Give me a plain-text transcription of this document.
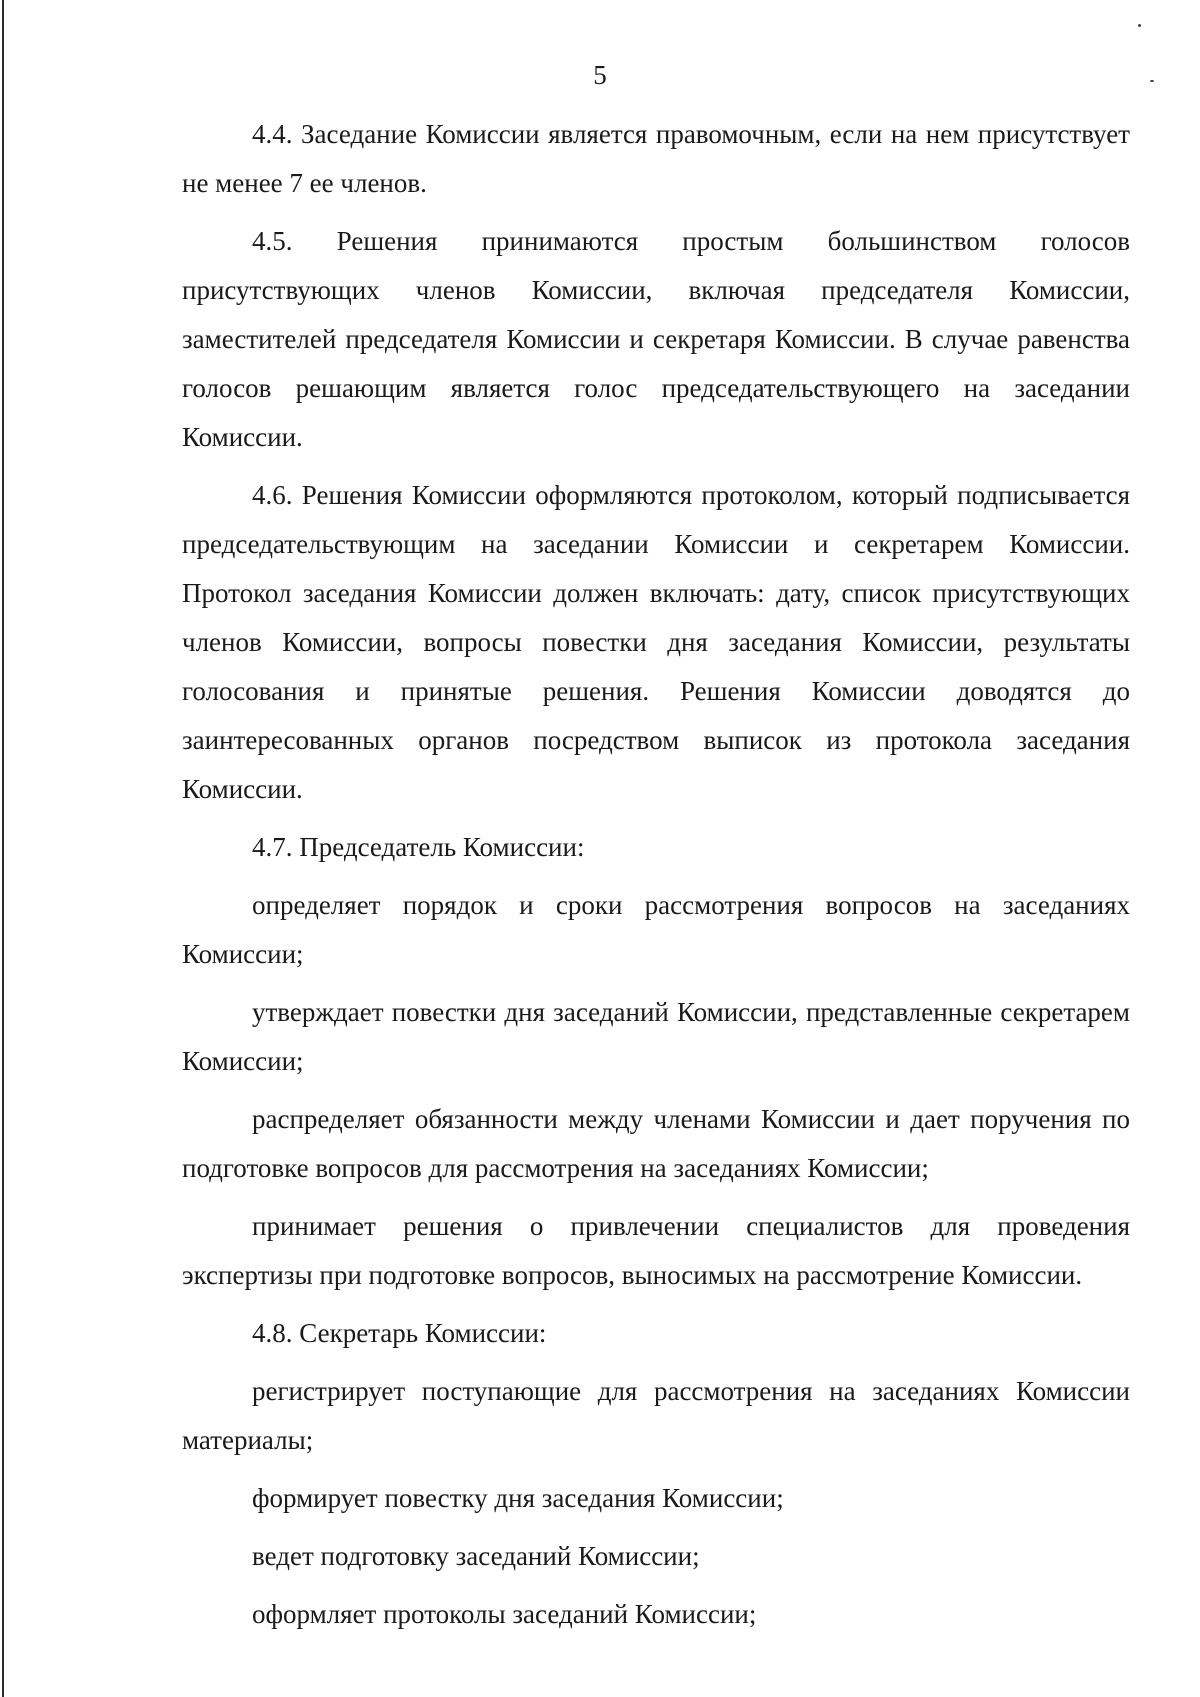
5

4.4. Заседание Комиссии является правомочным, если на нем присутствует не менее 7 ее членов.

4.5. Решения принимаются простым большинством голосов присутствующих членов Комиссии, включая председателя Комиссии, заместителей председателя Комиссии и секретаря Комиссии. В случае равенства голосов решающим является голос председательствующего на заседании Комиссии.

4.6. Решения Комиссии оформляются протоколом, который подписывается председательствующим на заседании Комиссии и секретарем Комиссии. Протокол заседания Комиссии должен включать: дату, список присутствующих членов Комиссии, вопросы повестки дня заседания Комиссии, результаты голосования и принятые решения. Решения Комиссии доводятся до заинтересованных органов посредством выписок из протокола заседания Комиссии.

4.7. Председатель Комиссии:

определяет порядок и сроки рассмотрения вопросов на заседаниях Комиссии;

утверждает повестки дня заседаний Комиссии, представленные секретарем Комиссии;

распределяет обязанности между членами Комиссии и дает поручения по подготовке вопросов для рассмотрения на заседаниях Комиссии;

принимает решения о привлечении специалистов для проведения экспертизы при подготовке вопросов, выносимых на рассмотрение Комиссии.

4.8. Секретарь Комиссии:

регистрирует поступающие для рассмотрения на заседаниях Комиссии материалы;

формирует повестку дня заседания Комиссии;

ведет подготовку заседаний Комиссии;

оформляет протоколы заседаний Комиссии;
